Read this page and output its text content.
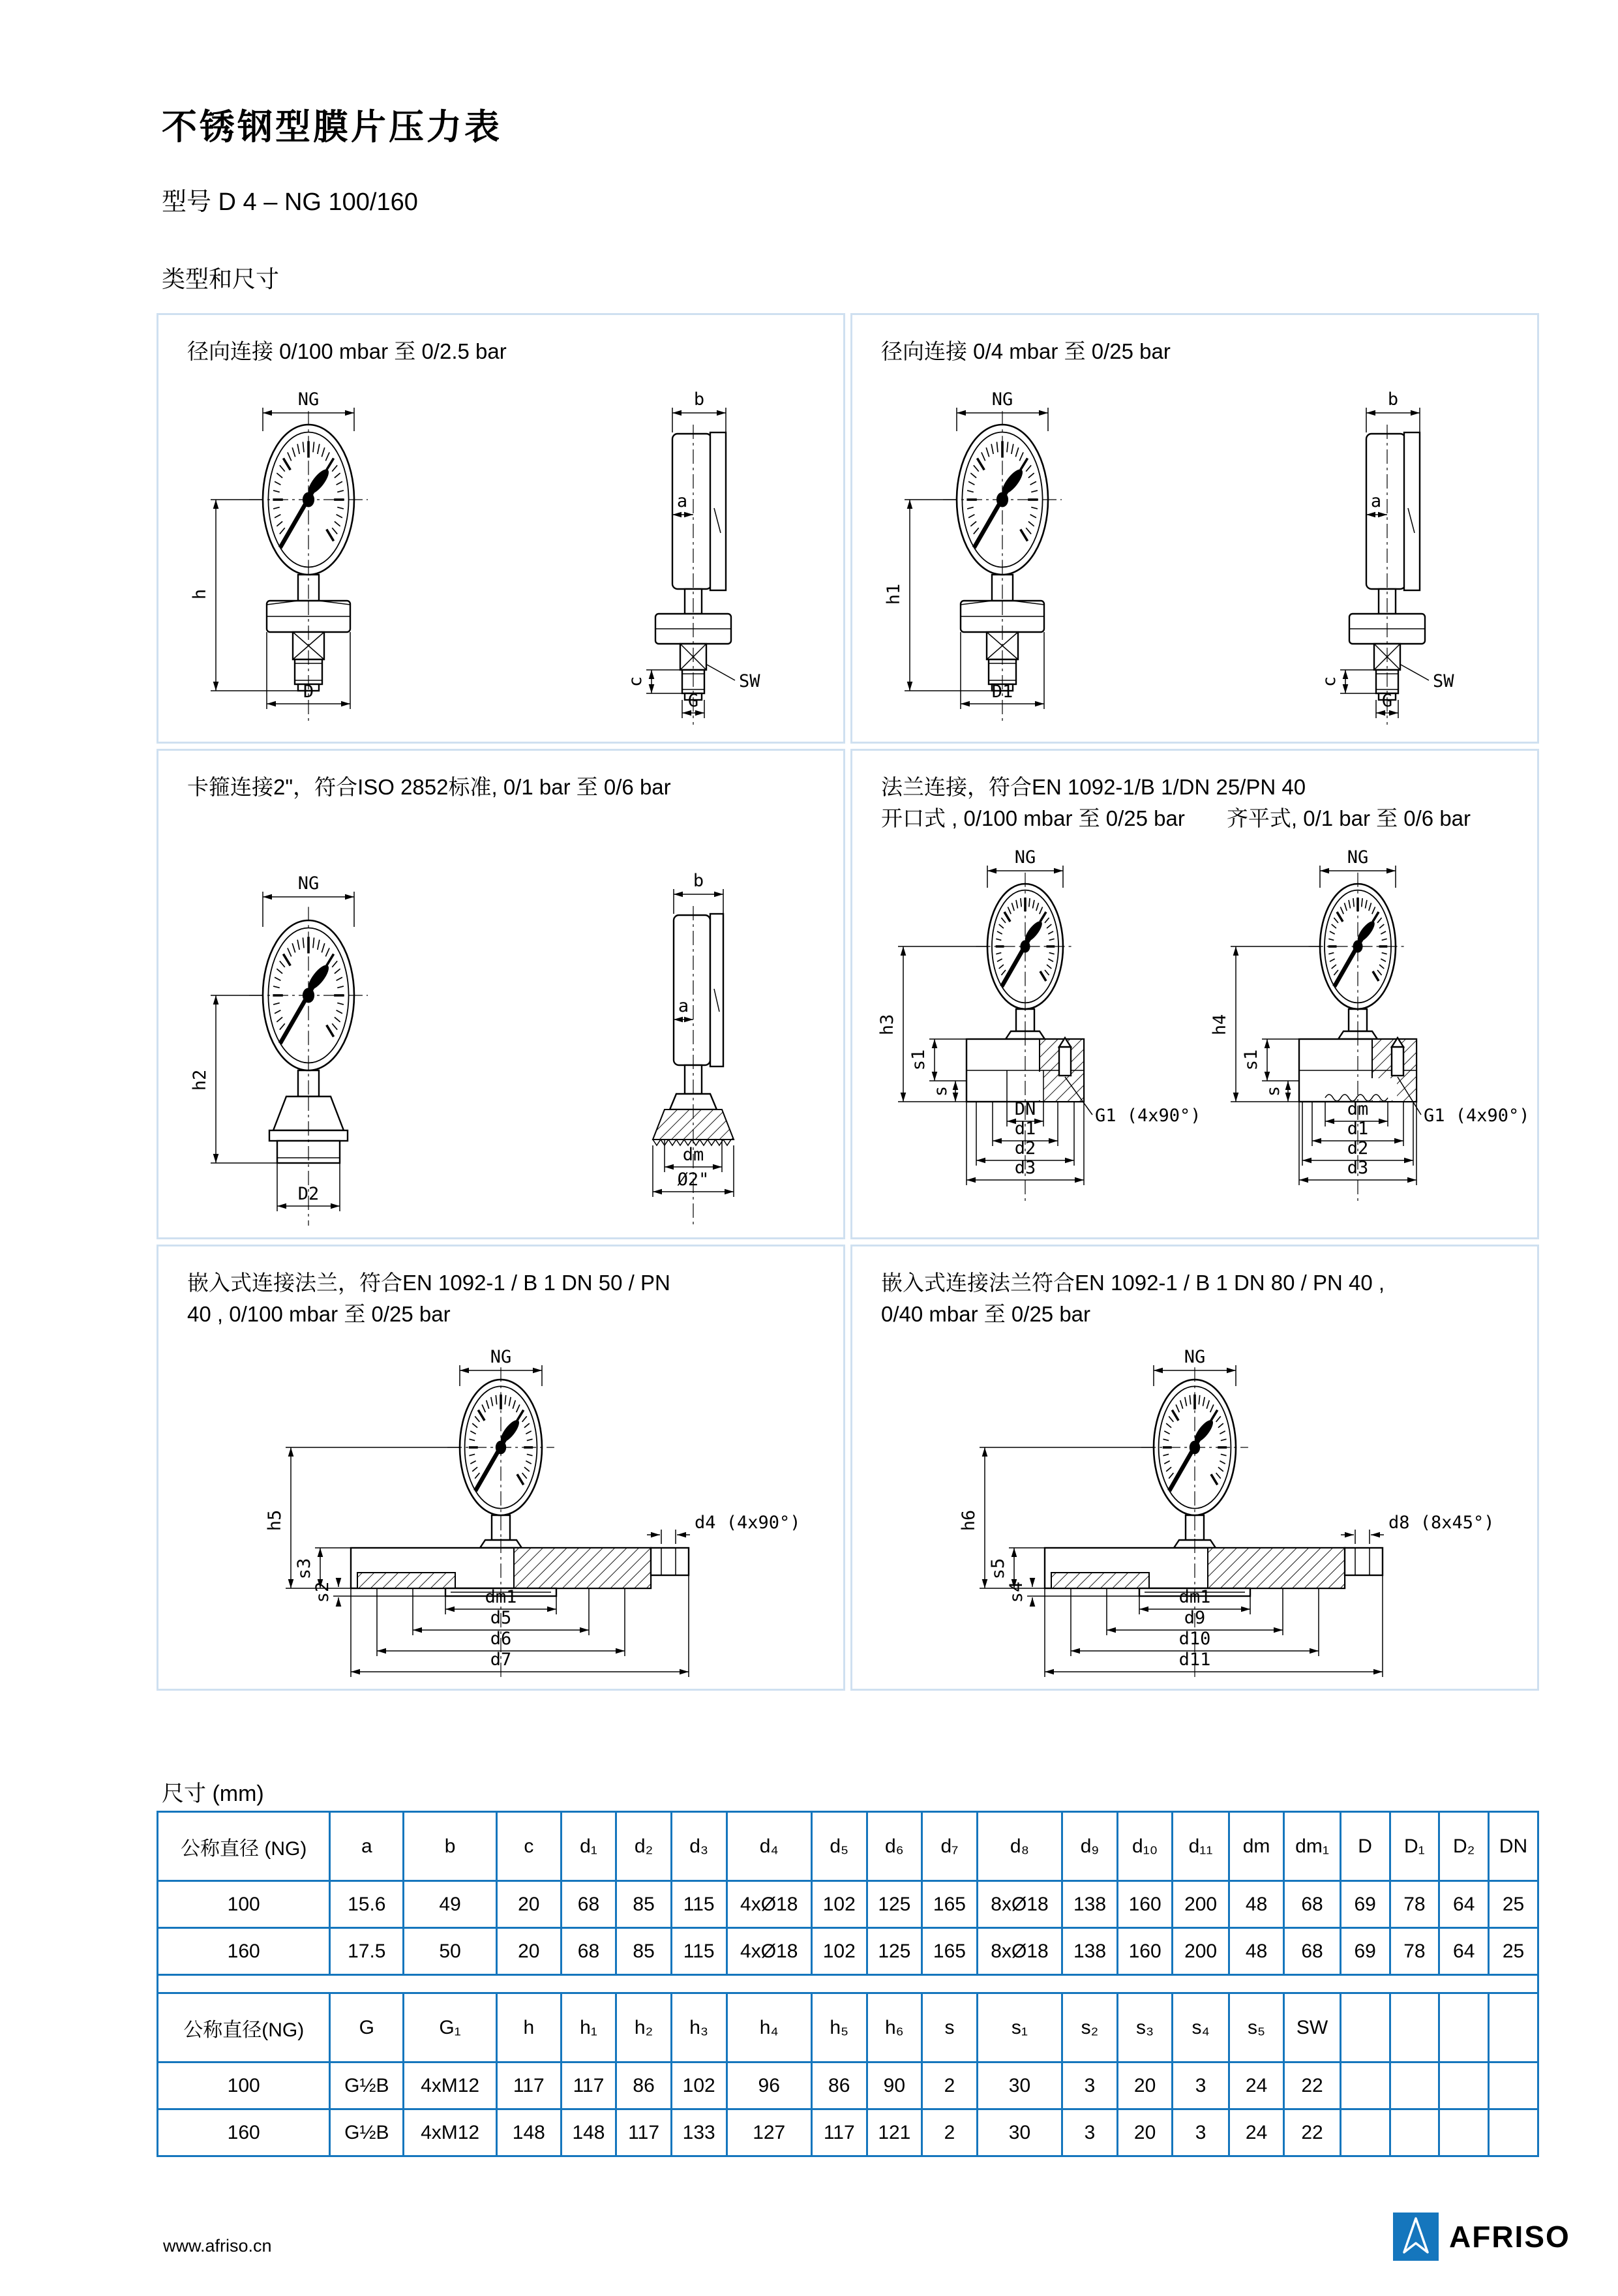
不锈钢型膜片压力表
型号 D 4 – NG 100/160
类型和尺寸
径向连接 0/100 mbar 至 0/2.5 bar
NG
h
D
b
a
SW
c
G
径向连接 0/4 mbar 至 0/25 bar
NG
h1
D1
b
a
SW
c
G
卡箍连接2"，符合ISO 2852标准, 0/1 bar 至 0/6 bar
NG
h2
D2
b
a
dm
Ø2"
法兰连接，符合EN 1092-1/B 1/DN 25/PN 40
开口式 , 0/100 mbar 至 0/25 bar 齐平式, 0/1 bar 至 0/6 bar
NG
h3
s1
s
DN
d1
d2
d3
G1 (4x90°)
NG
h4
s1
s
dm
d1
d2
d3
G1 (4x90°)
嵌入式连接法兰，符合EN 1092-1 / B 1 DN 50 / PN
40 , 0/100 mbar 至 0/25 bar
NG
h5
s3
s2
d4 (4x90°)
dm1
d5
d6
d7
嵌入式连接法兰符合EN 1092-1 / B 1 DN 80 / PN 40 ,
0/40 mbar 至 0/25 bar
NG
h6
s5
s4
d8 (8x45°)
dm1
d9
d10
d11
尺寸 (mm)
公称直径 (NG)	a	b	c	d₁	d₂	d₃	d₄	d₅	d₆	d₇	d₈	d₉	d₁₀	d₁₁	dm	dm₁	D	D₁	D₂	DN
100	15.6	49	20	68	85	115	4xØ18	102	125	165	8xØ18	138	160	200	48	68	69	78	64	25
160	17.5	50	20	68	85	115	4xØ18	102	125	165	8xØ18	138	160	200	48	68	69	78	64	25

公称直径(NG)	G	G₁	h	h₁	h₂	h₃	h₄	h₅	h₆	s	s₁	s₂	s₃	s₄	s₅	SW				
100	G½B	4xM12	117	117	86	102	96	86	90	2	30	3	20	3	24	22				
160	G½B	4xM12	148	148	117	133	127	117	121	2	30	3	20	3	24	22				
www.afriso.cn	AFRISO
